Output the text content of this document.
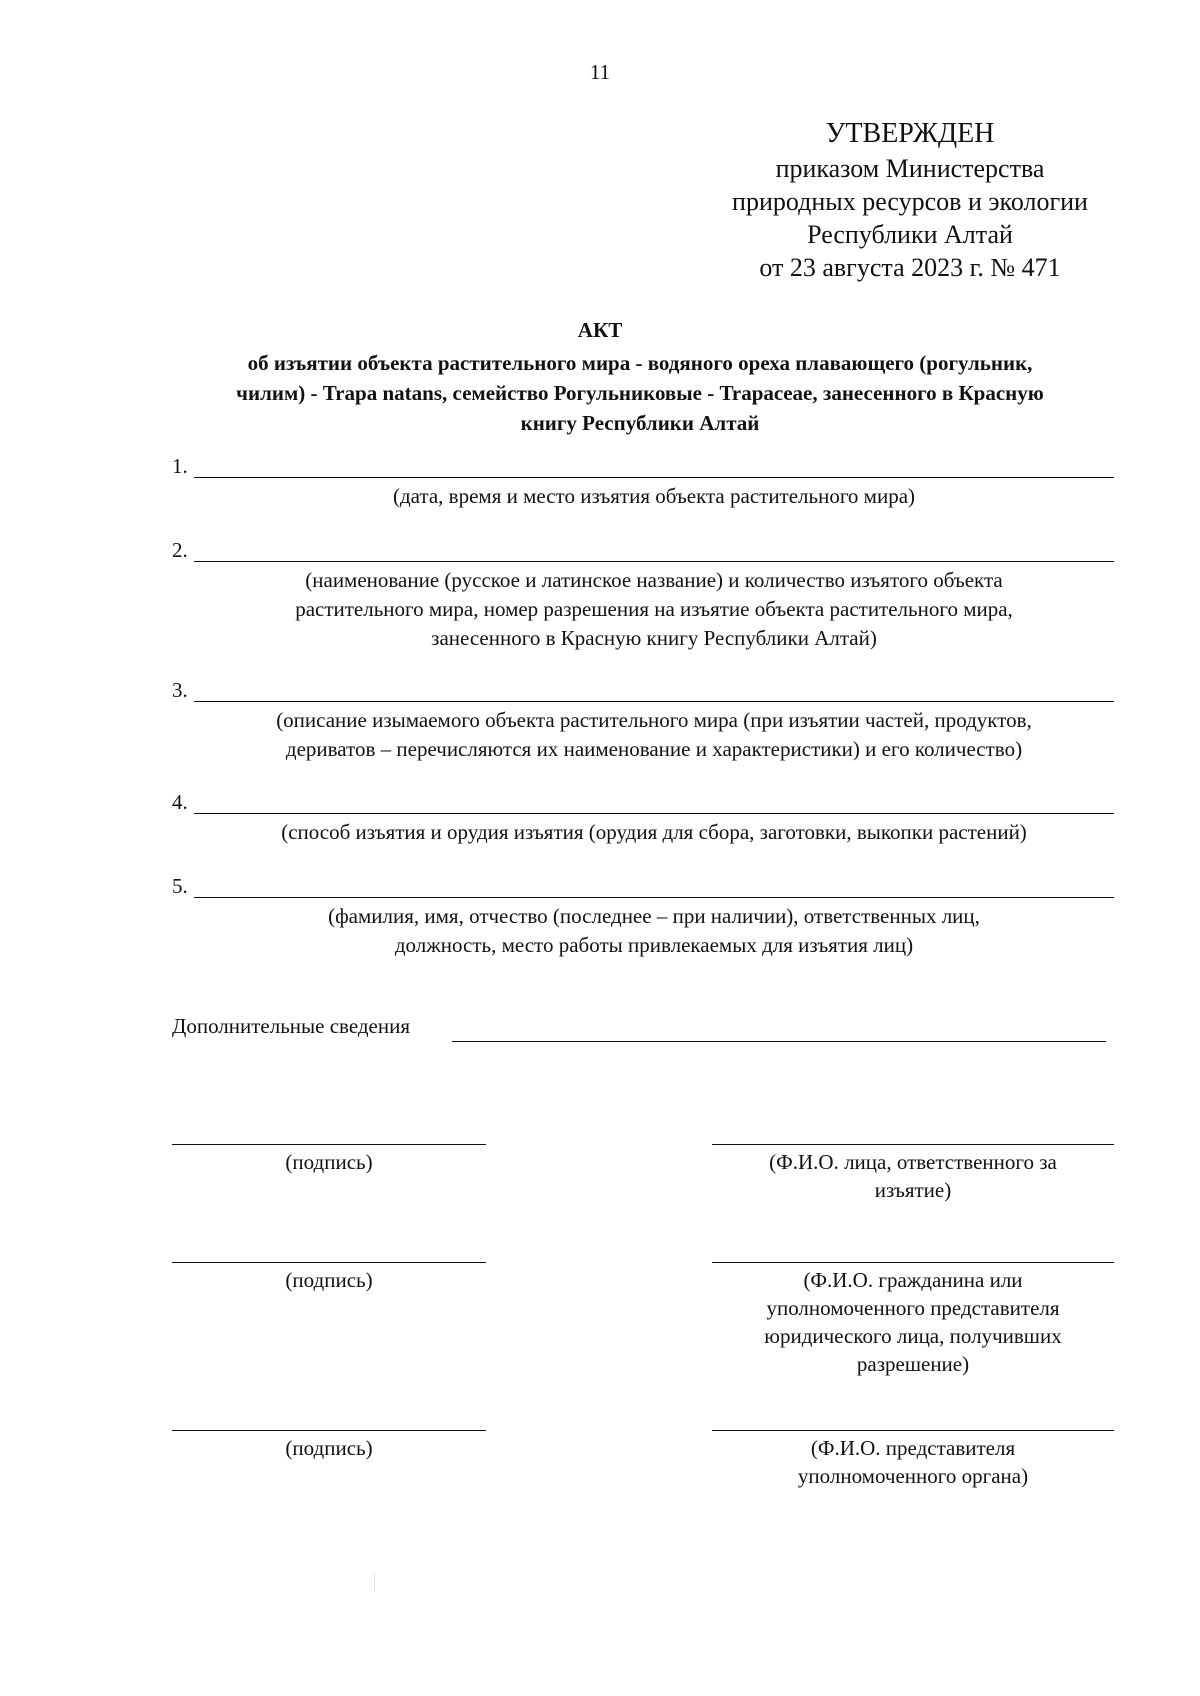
11
УТВЕРЖДЕН
приказом Министерства
природных ресурсов и экологии
Республики Алтай
от 23 августа 2023 г. № 471
АКТ
об изъятии объекта растительного мира - водяного ореха плавающего (рогульник,
чилим) - Trapa natans, семейство Рогульниковые - Trapaceae, занесенного в Красную
книгу Республики Алтай
1.
(дата, время и место изъятия объекта растительного мира)
2.
(наименование (русское и латинское название) и количество изъятого объекта
растительного мира, номер разрешения на изъятие объекта растительного мира,
занесенного в Красную книгу Республики Алтай)
3.
(описание изымаемого объекта растительного мира (при изъятии частей, продуктов,
дериватов – перечисляются их наименование и характеристики) и его количество)
4.
(способ изъятия и орудия изъятия (орудия для сбора, заготовки, выкопки растений)
5.
(фамилия, имя, отчество (последнее – при наличии), ответственных лиц,
должность, место работы привлекаемых для изъятия лиц)
Дополнительные сведения
(подпись)	(Ф.И.О. лица, ответственного за
изъятие)
(подпись)	(Ф.И.О. гражданина или
уполномоченного представителя
юридического лица, получивших
разрешение)
(подпись)	(Ф.И.О. представителя
уполномоченного органа)
